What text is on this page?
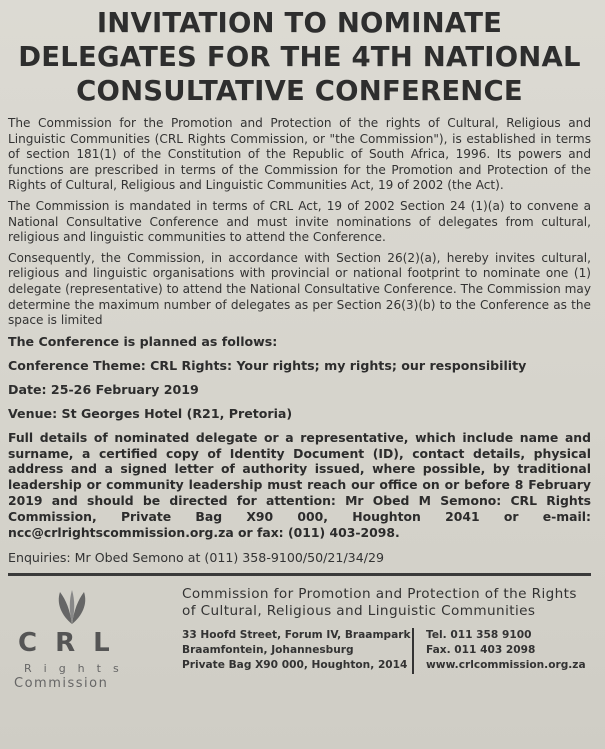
INVITATION TO NOMINATE
DELEGATES FOR THE 4TH NATIONAL
CONSULTATIVE CONFERENCE

The Commission for the Promotion and Protection of the rights of Cultural, Religious and Linguistic Communities (CRL Rights Commission, or "the Commission"), is established in terms of section 181(1) of the Constitution of the Republic of South Africa, 1996. Its powers and functions are prescribed in terms of the Commission for the Promotion and Protection of the Rights of Cultural, Religious and Linguistic Communities Act, 19 of 2002 (the Act).

The Commission is mandated in terms of CRL Act, 19 of 2002 Section 24 (1)(a) to convene a National Consultative Conference and must invite nominations of delegates from cultural, religious and linguistic communities to attend the Conference.

Consequently, the Commission, in accordance with Section 26(2)(a), hereby invites cultural, religious and linguistic organisations with provincial or national footprint to nominate one (1) delegate (representative) to attend the National Consultative Conference. The Commission may determine the maximum number of delegates as per Section 26(3)(b) to the Conference as the space is limited

The Conference is planned as follows:
Conference Theme: CRL Rights: Your rights; my rights; our responsibility
Date: 25-26 February 2019
Venue: St Georges Hotel (R21, Pretoria)

Full details of nominated delegate or a representative, which include name and surname, a certified copy of Identity Document (ID), contact details, physical address and a signed letter of authority issued, where possible, by traditional leadership or community leadership must reach our office on or before 8 February 2019 and should be directed for attention: Mr Obed M Semono: CRL Rights Commission, Private Bag X90 000, Houghton 2041 or e-mail: ncc@crlrightscommission.org.za or fax: (011) 403-2098.

Enquiries: Mr Obed Semono at (011) 358-9100/50/21/34/29
CRL
Rights
Commission
Commission for Promotion and Protection of the Rights of Cultural, Religious and Linguistic Communities
33 Hoofd Street, Forum IV, Braampark
Braamfontein, Johannesburg
Private Bag X90 000, Houghton, 2014
Tel. 011 358 9100
Fax. 011 403 2098
www.crlcommission.org.za
